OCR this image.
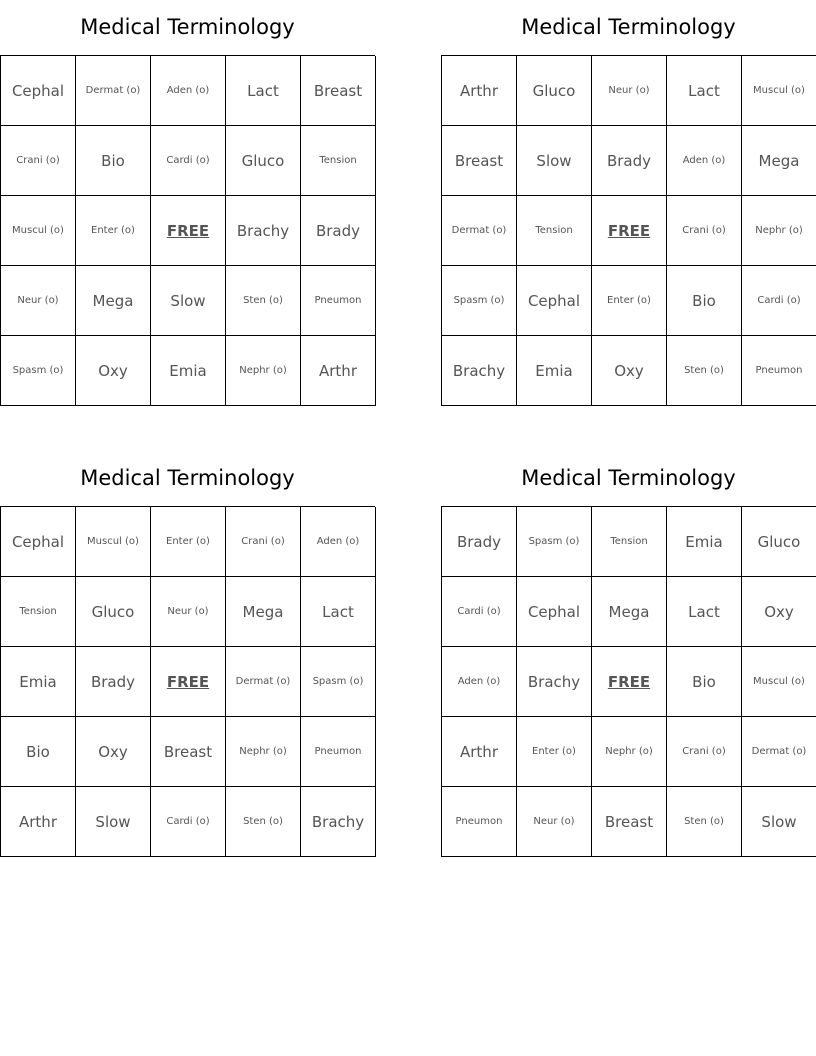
Medical Terminology
Cephal	Dermat (o)	Aden (o)	Lact	Breast
Crani (o)	Bio	Cardi (o)	Gluco	Tension
Muscul (o)	Enter (o)	FREE	Brachy	Brady
Neur (o)	Mega	Slow	Sten (o)	Pneumon
Spasm (o)	Oxy	Emia	Nephr (o)	Arthr
Medical Terminology
Arthr	Gluco	Neur (o)	Lact	Muscul (o)
Breast	Slow	Brady	Aden (o)	Mega
Dermat (o)	Tension	FREE	Crani (o)	Nephr (o)
Spasm (o)	Cephal	Enter (o)	Bio	Cardi (o)
Brachy	Emia	Oxy	Sten (o)	Pneumon
Medical Terminology
Cephal	Muscul (o)	Enter (o)	Crani (o)	Aden (o)
Tension	Gluco	Neur (o)	Mega	Lact
Emia	Brady	FREE	Dermat (o)	Spasm (o)
Bio	Oxy	Breast	Nephr (o)	Pneumon
Arthr	Slow	Cardi (o)	Sten (o)	Brachy
Medical Terminology
Brady	Spasm (o)	Tension	Emia	Gluco
Cardi (o)	Cephal	Mega	Lact	Oxy
Aden (o)	Brachy	FREE	Bio	Muscul (o)
Arthr	Enter (o)	Nephr (o)	Crani (o)	Dermat (o)
Pneumon	Neur (o)	Breast	Sten (o)	Slow
